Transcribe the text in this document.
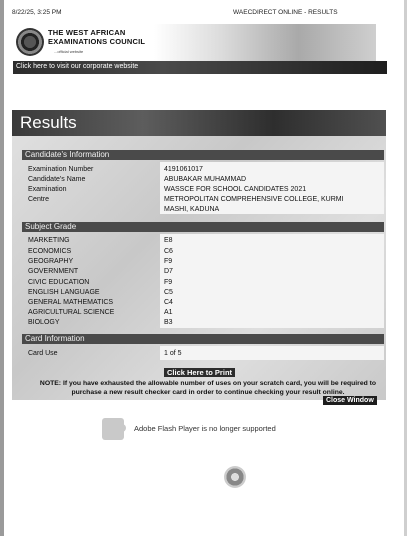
8/22/25, 3:25 PM	WAECDIRECT ONLINE - RESULTS
THE WEST AFRICAN
EXAMINATIONS COUNCIL
...official website
Click here to visit our corporate website
Results
Candidate's Information
Examination Number	4191061017
Candidate's Name	ABUBAKAR MUHAMMAD
Examination	WASSCE FOR SCHOOL CANDIDATES 2021
Centre	METROPOLITAN COMPREHENSIVE COLLEGE, KURMI
MASHI, KADUNA
Subject Grade
MARKETING	E8
ECONOMICS	C6
GEOGRAPHY	F9
GOVERNMENT	D7
CIVIC EDUCATION	F9
ENGLISH LANGUAGE	C5
GENERAL MATHEMATICS	C4
AGRICULTURAL SCIENCE	A1
BIOLOGY	B3
Card Information
Card Use	1 of 5
Click Here to Print
NOTE: If you have exhausted the allowable number of uses on your scratch card, you will be required to purchase a new result checker card in order to continue checking your result online.
Close Window
Adobe Flash Player is no longer supported
